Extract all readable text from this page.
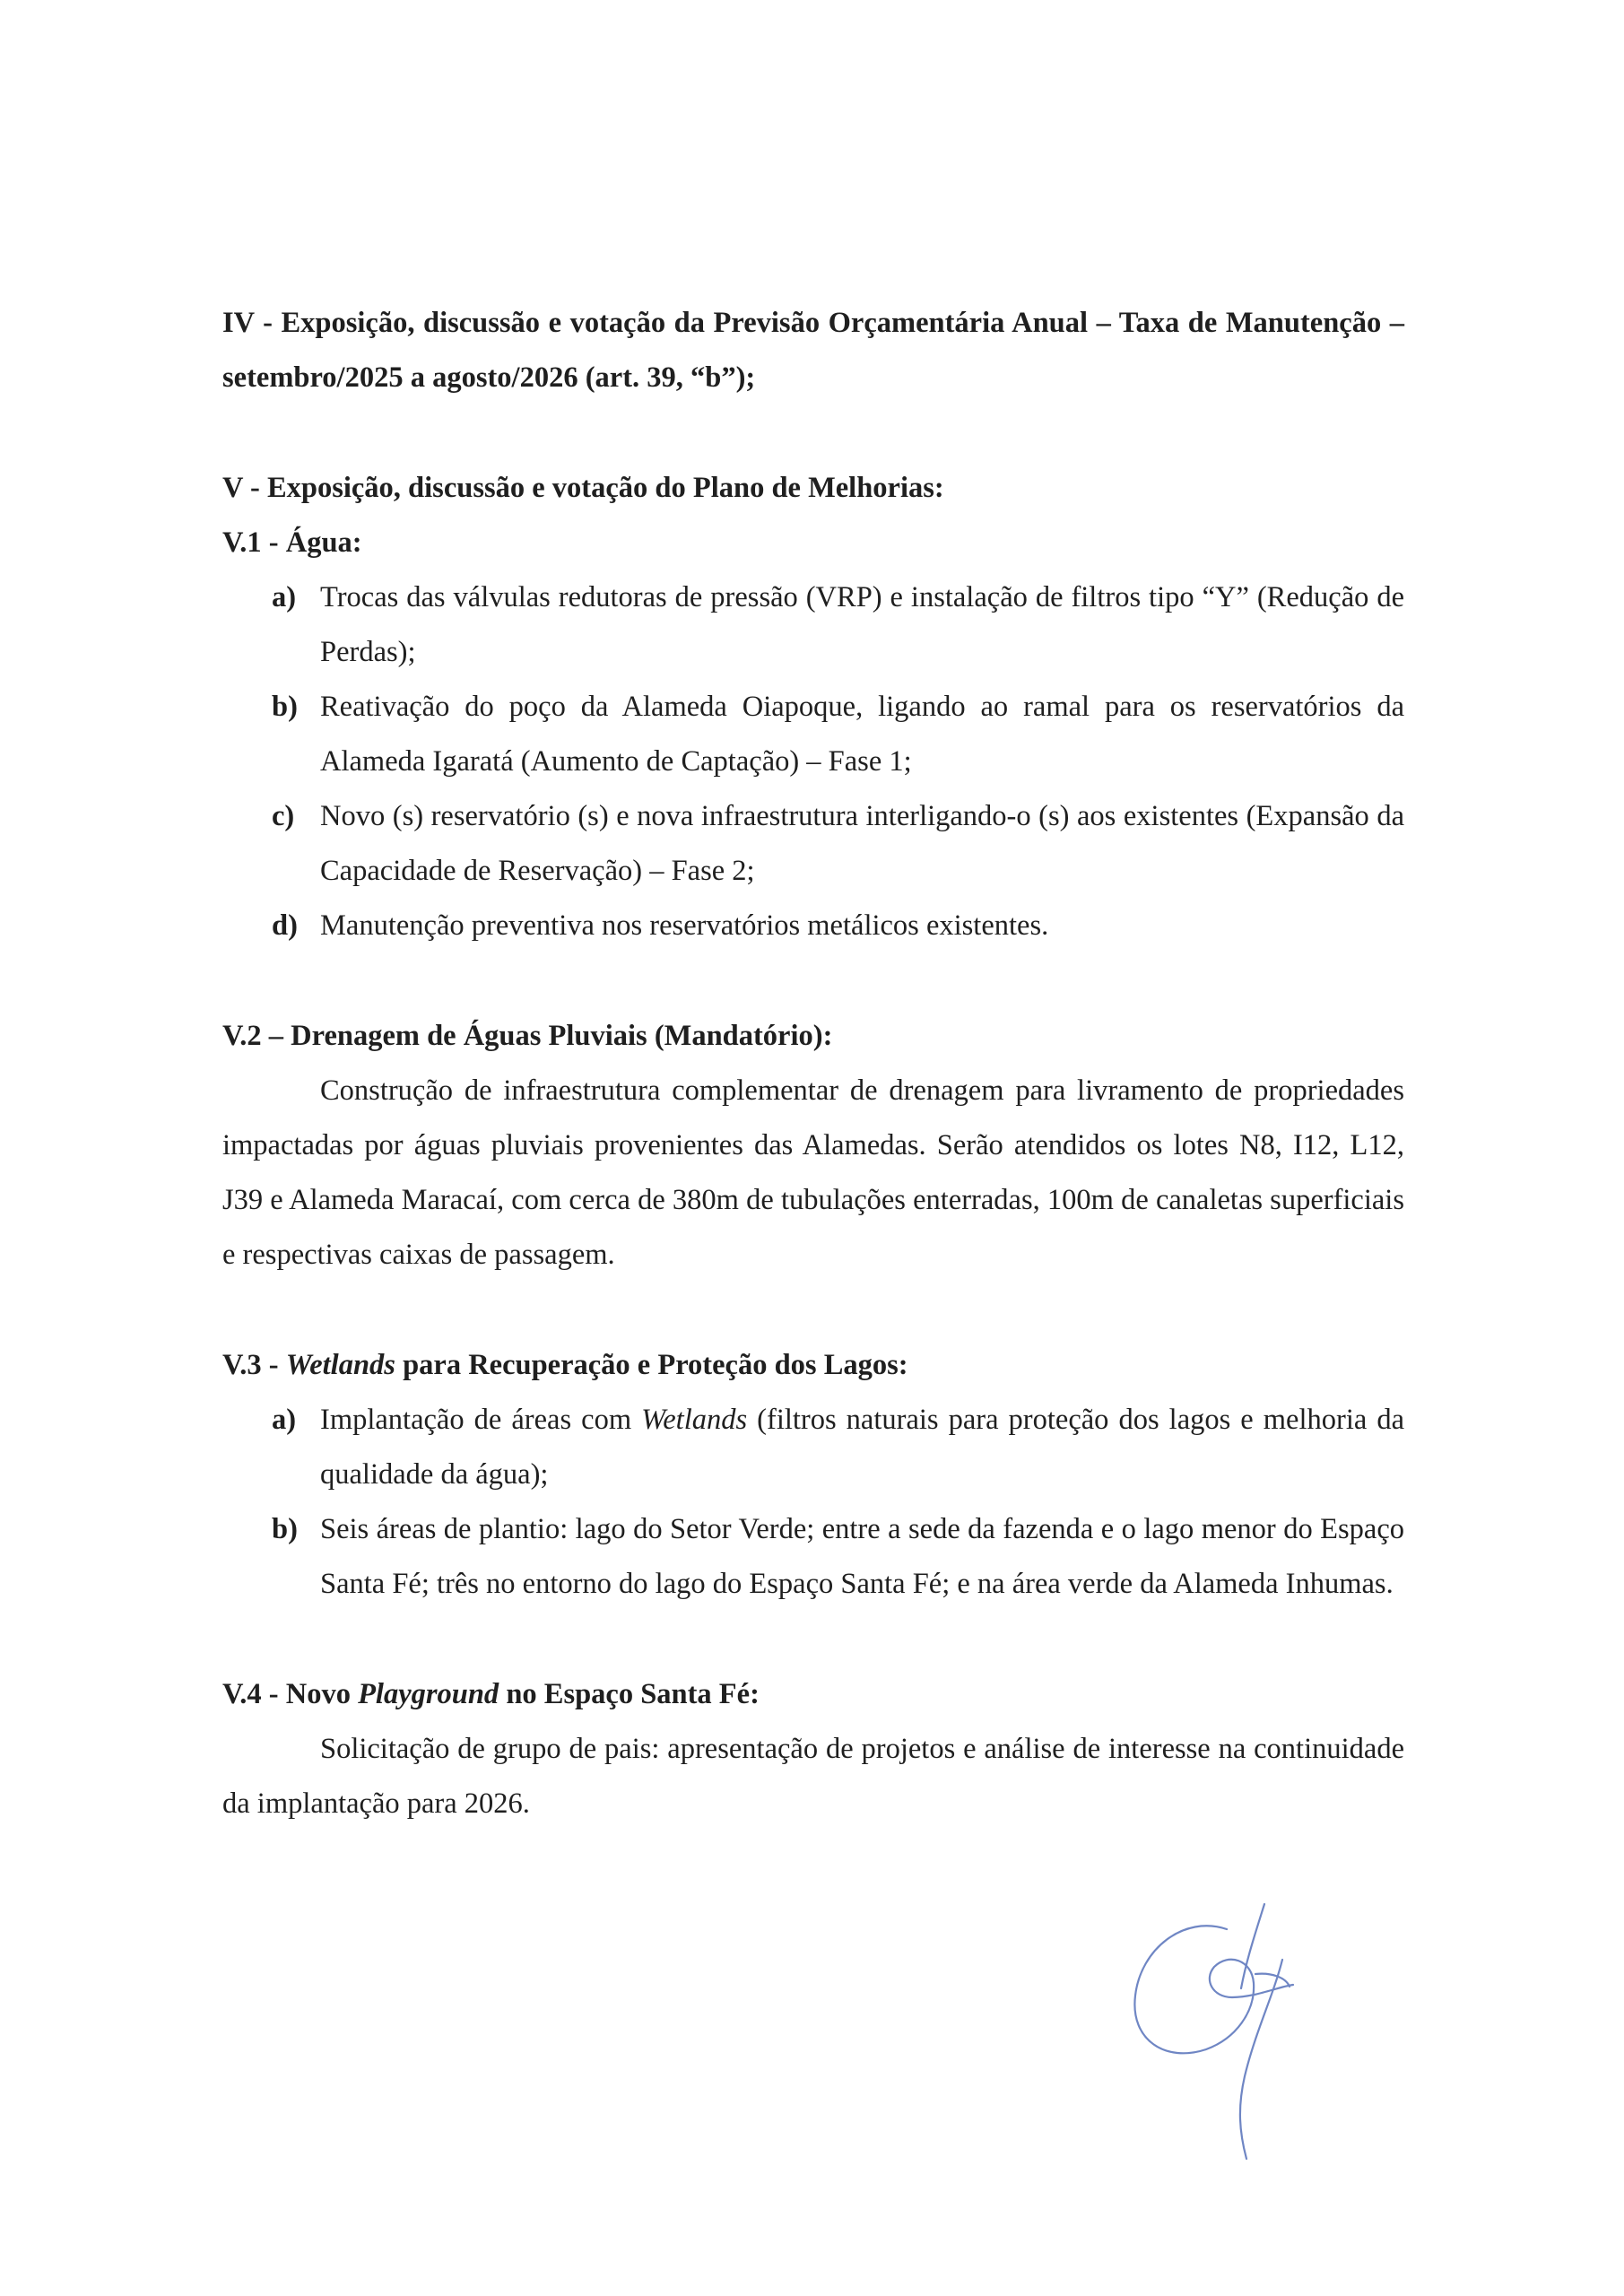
IV - Exposição, discussão e votação da Previsão Orçamentária Anual – Taxa de Manutenção – setembro/2025 a agosto/2026 (art. 39, “b”);

V - Exposição, discussão e votação do Plano de Melhorias:

V.1 - Água:

a) Trocas das válvulas redutoras de pressão (VRP) e instalação de filtros tipo “Y” (Redução de Perdas);
b) Reativação do poço da Alameda Oiapoque, ligando ao ramal para os reservatórios da Alameda Igaratá (Aumento de Captação) – Fase 1;
c) Novo (s) reservatório (s) e nova infraestrutura interligando-o (s) aos existentes (Expansão da Capacidade de Reservação) – Fase 2;
d) Manutenção preventiva nos reservatórios metálicos existentes.

V.2 – Drenagem de Águas Pluviais (Mandatório):

Construção de infraestrutura complementar de drenagem para livramento de propriedades impactadas por águas pluviais provenientes das Alamedas. Serão atendidos os lotes N8, I12, L12, J39 e Alameda Maracaí, com cerca de 380m de tubulações enterradas, 100m de canaletas superficiais e respectivas caixas de passagem.

V.3 - Wetlands para Recuperação e Proteção dos Lagos:

a) Implantação de áreas com Wetlands (filtros naturais para proteção dos lagos e melhoria da qualidade da água);
b) Seis áreas de plantio: lago do Setor Verde; entre a sede da fazenda e o lago menor do Espaço Santa Fé; três no entorno do lago do Espaço Santa Fé; e na área verde da Alameda Inhumas.

V.4 - Novo Playground no Espaço Santa Fé:

Solicitação de grupo de pais: apresentação de projetos e análise de interesse na continuidade da implantação para 2026.
